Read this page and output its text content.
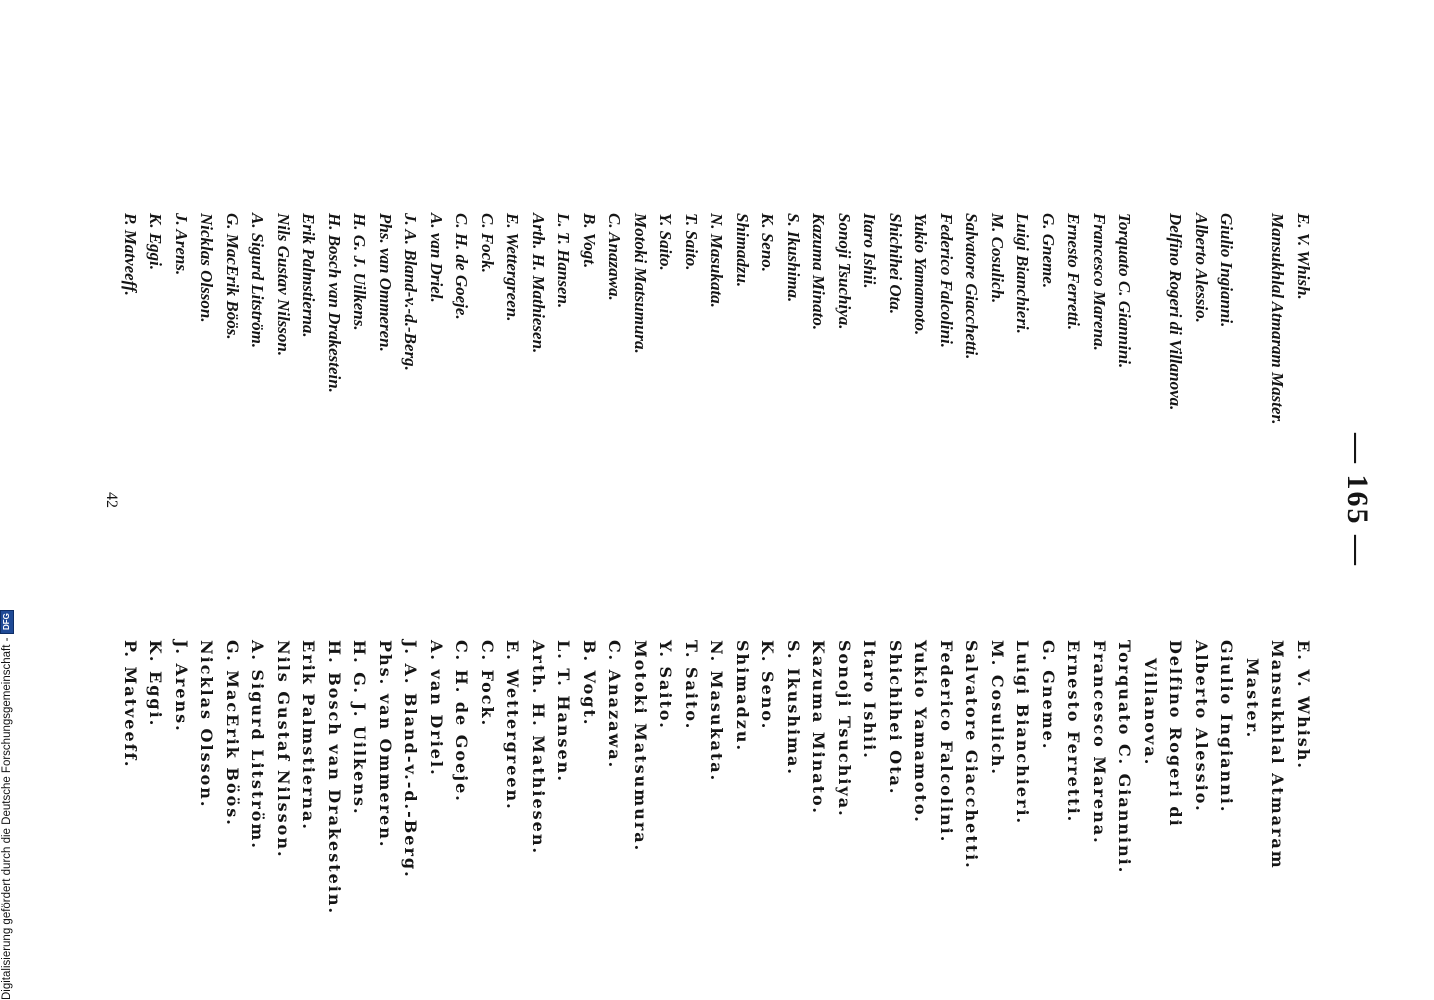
— 165 —
E. V. Whish.
Mansukhlal Atmaram Master.
Giulio Ingianni.
Alberto Alessio.
Delfino Rogeri di Villanova.
Torquato C. Giannini.
Francesco Marena.
Ernesto Ferretti.
G. Gneme.
Luigi Bianchieri.
M. Cosulich.
Salvatore Giacchetti.
Federico Falcolini.
Yukio Yamamoto.
Shichihei Ota.
Itaro Ishii.
Sonoji Tsuchiya.
Kazuma Minato.
S. Ikushima.
K. Seno.
Shimadzu.
N. Masukata.
T. Saito.
Y. Saito.
Motoki Matsumura.
C. Anazawa.
B. Vogt.
L. T. Hansen.
Arth. H. Mathiesen.
E. Wettergreen.
C. Fock.
C. H. de Goeje.
A. van Driel.
J. A. Bland-v.-d.-Berg.
Phs. van Ommeren.
H. G. J. Uilkens.
H. Bosch van Drakestein.
Erik Palmstierna.
Nils Gustav Nilsson.
A. Sigurd Litström.
G. MacErik Böös.
Nicklas Olsson.
J. Arens.
K. Eggi.
P. Matveeff.
E. V. Whish.
Mansukhlal Atmaram
Master.
Giulio Ingianni.
Alberto Alessio.
Delfino Rogeri di
Villanova.
Torquato C. Giannini.
Francesco Marena.
Ernesto Ferretti.
G. Gneme.
Luigi Bianchieri.
M. Cosulich.
Salvatore Giacchetti.
Federico Falcolini.
Yukio Yamamoto.
Shichihei Ota.
Itaro Ishii.
Sonoji Tsuchiya.
Kazuma Minato.
S. Ikushima.
K. Seno.
Shimadzu.
N. Masukata.
T. Saito.
Y. Saito.
Motoki Matsumura.
C. Anazawa.
B. Vogt.
L. T. Hansen.
Arth. H. Mathiesen.
E. Wettergreen.
C. Fock.
C. H. de Goeje.
A. van Driel.
J. A. Bland-v.-d.-Berg.
Phs. van Ommeren.
H. G. J. Uilkens.
H. Bosch van Drakestein.
Erik Palmstierna.
Nils Gustaf Nilsson.
A. Sigurd Litström.
G. MacErik Böös.
Nicklas Olsson.
J. Arens.
K. Eggi.
P. Matveeff.
42
Digitalisierung gefördert durch die Deutsche Forschungsgemeinschaft -
DFG
